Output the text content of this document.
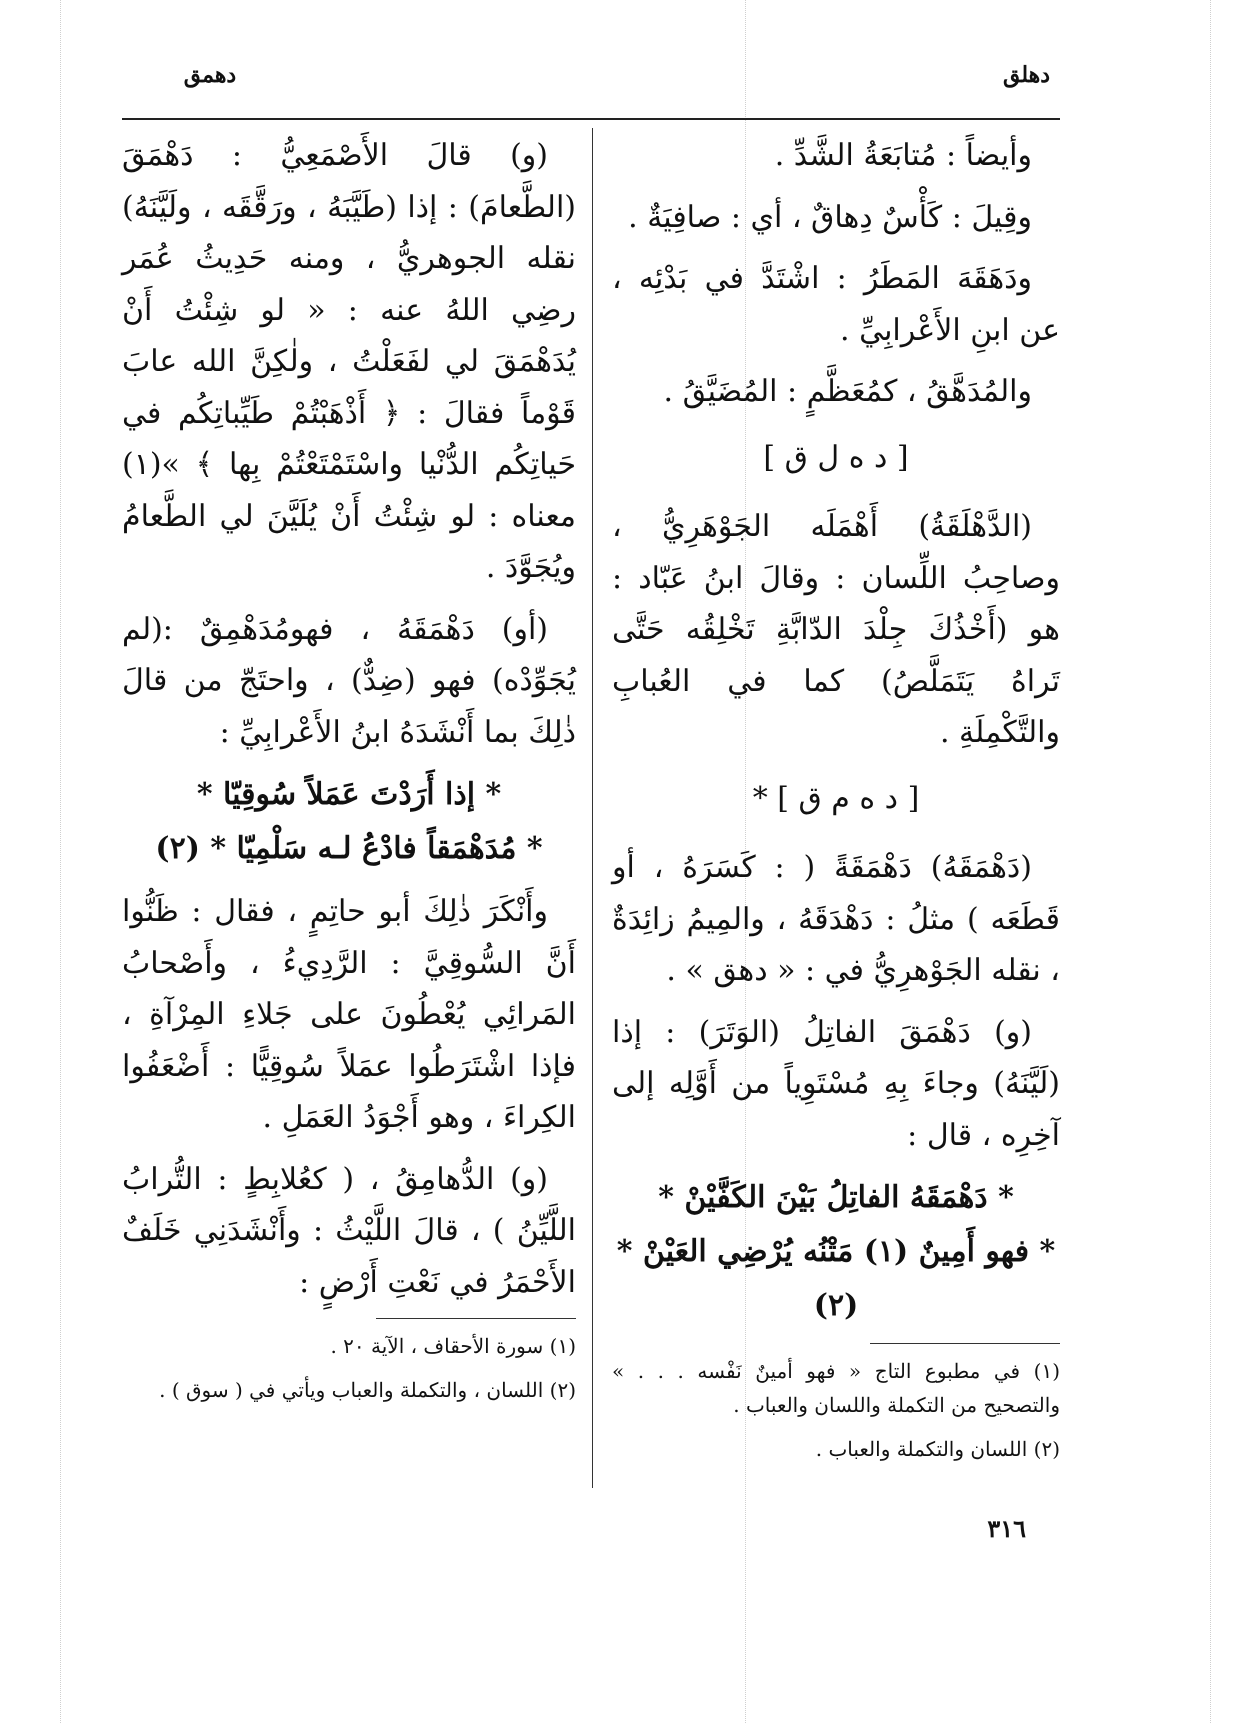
دهلق
دهمق

وأيضاً : مُتابَعَةُ الشَّدِّ .

وقِيلَ : كَأْسٌ دِهاقٌ ، أي : صافِيَةٌ .

ودَهَقَهَ المَطَرُ : اشْتَدَّ في بَدْئِه ، عن ابنِ الأَعْرابِيِّ .

والمُدَهَّقُ ، كمُعَظَّمٍ : المُضَيَّقُ .

[ د ه ل ق ]

(الدَّهْلَقَةُ) أَهْمَلَه الجَوْهَرِيُّ ، وصاحِبُ اللِّسان : وقالَ ابنُ عَبّاد : هو (أَخْذُكَ جِلْدَ الدّابَّةِ تَخْلِقُه حَتَّى تَراهُ يَتَمَلَّصُ) كما في العُبابِ والتَّكْمِلَةِ .

[ د ه م ق ] *

(دَهْمَقَهُ) دَهْمَقَةً ( : كَسَرَهُ ، أو قَطَعَه ) مثلُ : دَهْدَقَهُ ، والمِيمُ زائِدَةٌ ، نقله الجَوْهرِيُّ في : « دهق » .

(و) دَهْمَقَ الفاتِلُ (الوَتَرَ) : إذا (لَيَّنَهُ) وجاءَ بِهِ مُسْتَوِياً من أَوَّلِه إلى آخِرِه ، قال :

* دَهْمَقَهُ الفاتِلُ بَيْنَ الكَفَّيْنْ *
* فهو أَمِينٌ (١) مَتْنُه يُرْضِي العَيْنْ * (٢)

(١) في مطبوع التاج « فهو أمينٌ نَفْسه . . . » والتصحيح من التكملة واللسان والعباب .

(٢) اللسان والتكملة والعباب .

(و) قالَ الأَصْمَعِيُّ : دَهْمَقَ (الطَّعامَ) : إذا (طَيَّبَهُ ، ورَقَّقَه ، ولَيَّنَهُ) نقله الجوهريُّ ، ومنه حَدِيثُ عُمَر رضِي اللهُ عنه : « لو شِئْتُ أَنْ يُدَهْمَقَ لي لفَعَلْتُ ، ولٰكِنَّ الله عابَ قَوْماً فقالَ : ﴿ أَذْهَبْتُمْ طَيِّباتِكُم في حَياتِكُم الدُّنْيا واسْتَمْتَعْتُمْ بِها ﴾ »(١) معناه : لو شِئْتُ أَنْ يُلَيَّنَ لي الطَّعامُ ويُجَوَّدَ .

(أو) دَهْمَقَهُ ، فهومُدَهْمِقٌ :(لم يُجَوِّدْه) فهو (ضِدٌّ) ، واحتَجّ من قالَ ذٰلِكَ بما أَنْشَدَهُ ابنُ الأَعْرابِيِّ :

* إذا أَرَدْتَ عَمَلاً سُوقِيّا *
* مُدَهْمَقاً فادْعُ لـه سَلْمِيّا * (٢)

وأَنْكَرَ ذٰلِكَ أبو حاتِمٍ ، فقال : ظَنُّوا أَنَّ السُّوقِيَّ : الرَّدِيءُ ، وأَصْحابُ المَرائِي يُعْطُونَ على جَلاءِ المِرْآةِ ، فإذا اشْتَرَطُوا عمَلاً سُوقِيًّا : أَضْعَفُوا الكِراءَ ، وهو أَجْوَدُ العَمَلِ .

(و) الدُّهامِقُ ، ( كعُلابِطٍ : التُّرابُ اللَّيِّنُ ) ، قالَ اللَّيْثُ : وأَنْشَدَنِي خَلَفٌ الأَحْمَرُ في نَعْتِ أَرْضٍ :

(١) سورة الأحقاف ، الآية ٢٠ .

(٢) اللسان ، والتكملة والعباب ويأتي في ( سوق ) .

٣١٦
